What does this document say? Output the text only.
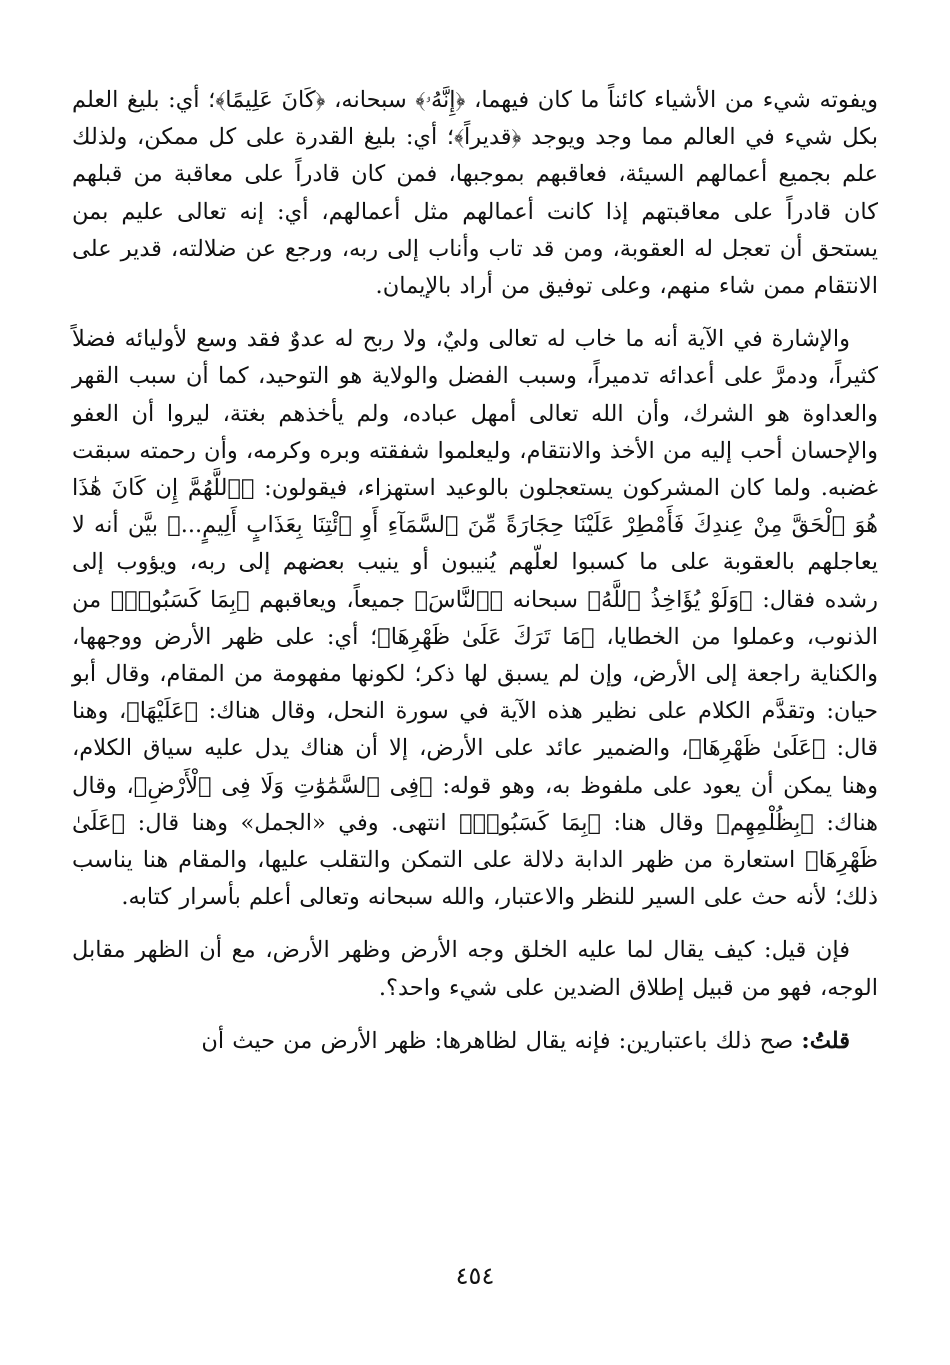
ويفوته شيء من الأشياء كائناً ما كان فيهما، ﴿إِنَّهُۥ﴾ سبحانه، ﴿كَانَ عَلِيمًا﴾؛ أي: بليغ العلم بكل شيء في العالم مما وجد ويوجد ﴿قديراً﴾؛ أي: بليغ القدرة على كل ممكن، ولذلك علم بجميع أعمالهم السيئة، فعاقبهم بموجبها، فمن كان قادراً على معاقبة من قبلهم كان قادراً على معاقبتهم إذا كانت أعمالهم مثل أعمالهم، أي: إنه تعالى عليم بمن يستحق أن تعجل له العقوبة، ومن قد تاب وأناب إلى ربه، ورجع عن ضلالته، قدير على الانتقام ممن شاء منهم، وعلى توفيق من أراد بالإيمان.

والإشارة في الآية أنه ما خاب له تعالى وليٌ، ولا ربح له عدوٌ فقد وسع لأوليائه فضلاً كثيراً، ودمرَّ على أعدائه تدميراً، وسبب الفضل والولاية هو التوحيد، كما أن سبب القهر والعداوة هو الشرك، وأن الله تعالى أمهل عباده، ولم يأخذهم بغتة، ليروا أن العفو والإحسان أحب إليه من الأخذ والانتقام، وليعلموا شفقته وبره وكرمه، وأن رحمته سبقت غضبه. ولما كان المشركون يستعجلون بالوعيد استهزاء، فيقولون: ﴿ٱللَّهُمَّ إِن كَانَ هَٰذَا هُوَ ٱلْحَقَّ مِنْ عِندِكَ فَأَمْطِرْ عَلَيْنَا حِجَارَةً مِّنَ ٱلسَّمَآءِ أَوِ ٱئْتِنَا بِعَذَابٍ أَلِيمٍ...﴾ بيَّن أنه لا يعاجلهم بالعقوبة على ما كسبوا لعلّهم يُنيبون أو ينيب بعضهم إلى ربه، ويؤوب إلى رشده فقال: ﴿وَلَوْ يُؤَاخِذُ ٱللَّهُ﴾ سبحانه ﴿ٱلنَّاسَ﴾ جميعاً، ويعاقبهم ﴿بِمَا كَسَبُوا۟﴾ من الذنوب، وعملوا من الخطايا، ﴿مَا تَرَكَ عَلَىٰ ظَهْرِهَا﴾؛ أي: على ظهر الأرض ووجهها، والكناية راجعة إلى الأرض، وإن لم يسبق لها ذكر؛ لكونها مفهومة من المقام، وقال أبو حيان: وتقدَّم الكلام على نظير هذه الآية في سورة النحل، وقال هناك: ﴿عَلَيْهَا﴾، وهنا قال: ﴿عَلَىٰ ظَهْرِهَا﴾، والضمير عائد على الأرض، إلا أن هناك يدل عليه سياق الكلام، وهنا يمكن أن يعود على ملفوظ به، وهو قوله: ﴿فِى ٱلسَّمَٰوَٰتِ وَلَا فِى ٱلْأَرْضِ﴾، وقال هناك: ﴿بِظُلْمِهِم﴾ وقال هنا: ﴿بِمَا كَسَبُوا۟﴾ انتهى. وفي «الجمل» وهنا قال: ﴿عَلَىٰ ظَهْرِهَا﴾ استعارة من ظهر الدابة دلالة على التمكن والتقلب عليها، والمقام هنا يناسب ذلك؛ لأنه حث على السير للنظر والاعتبار، والله سبحانه وتعالى أعلم بأسرار كتابه.

فإن قيل: كيف يقال لما عليه الخلق وجه الأرض وظهر الأرض، مع أن الظهر مقابل الوجه، فهو من قبيل إطلاق الضدين على شيء واحد؟.

قلتُ: صح ذلك باعتبارين: فإنه يقال لظاهرها: ظهر الأرض من حيث أن

٤٥٤
